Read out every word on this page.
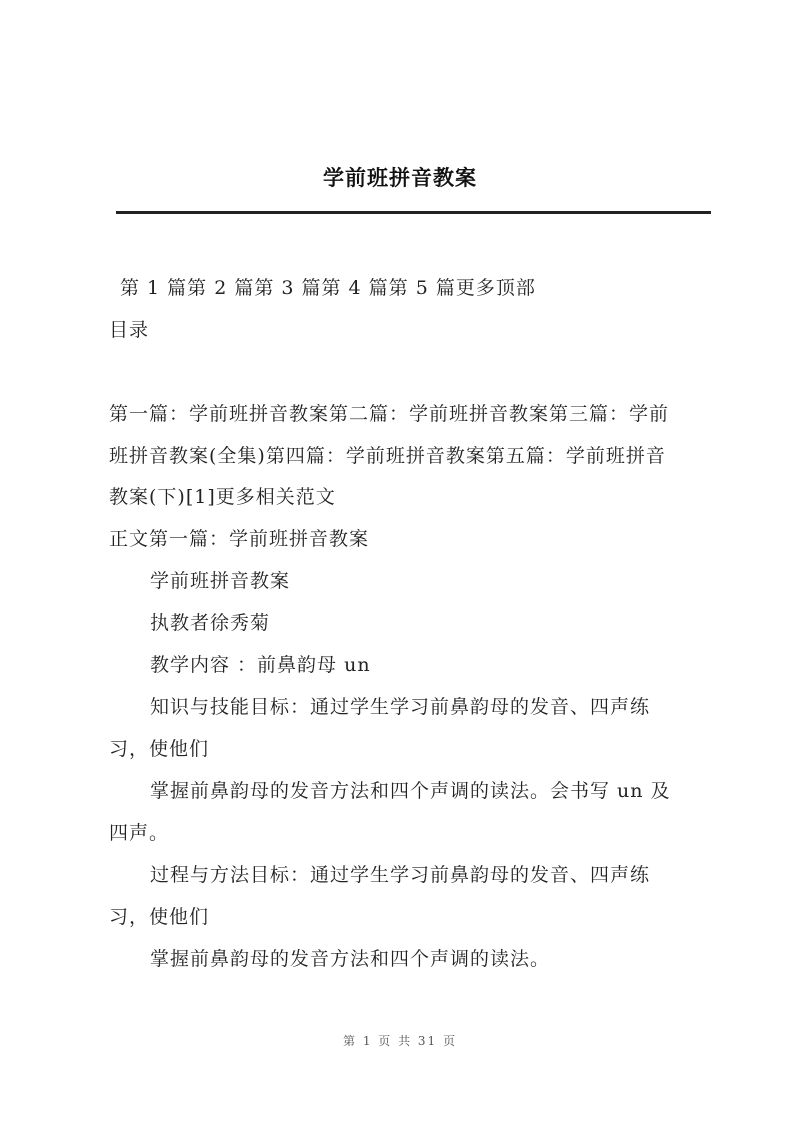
学前班拼音教案
第 1 篇第 2 篇第 3 篇第 4 篇第 5 篇更多顶部
目录
第一篇：学前班拼音教案第二篇：学前班拼音教案第三篇：学前
班拼音教案(全集)第四篇：学前班拼音教案第五篇：学前班拼音
教案(下)[1]更多相关范文
正文第一篇：学前班拼音教案
学前班拼音教案
执教者徐秀菊
教学内容 ：前鼻韵母 un
知识与技能目标：通过学生学习前鼻韵母的发音、四声练
习，使他们
掌握前鼻韵母的发音方法和四个声调的读法。会书写 un 及
四声。
过程与方法目标：通过学生学习前鼻韵母的发音、四声练
习，使他们
掌握前鼻韵母的发音方法和四个声调的读法。
第 1 页 共 31 页
